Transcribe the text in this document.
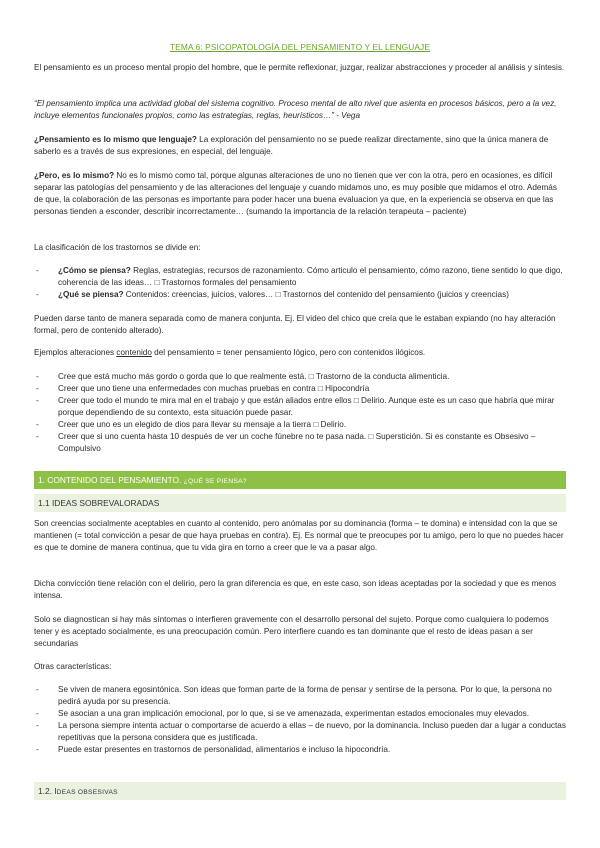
TEMA 6: PSICOPATOLOGÍA DEL PENSAMIENTO Y EL LENGUAJE
El pensamiento es un proceso mental propio del hombre, que le permite reflexionar, juzgar, realizar abstracciones y proceder al análisis y síntesis.
“El pensamiento implica una actividad global del sistema cognitivo. Proceso mental de alto nivel que asienta en procesos básicos, pero a la vez, incluye elementos funcionales propios, como las estrategias, reglas, heurísticos…” - Vega
¿Pensamiento es lo mismo que lenguaje? La exploración del pensamiento no se puede realizar directamente, sino que la única manera de saberlo es a través de sus expresiones, en especial, del lenguaje.
¿Pero, es lo mismo? No es lo mismo como tal, porque algunas alteraciones de uno no tienen que ver con la otra, pero en ocasiones, es difícil separar las patologías del pensamiento y de las alteraciones del lenguaje y cuando midamos uno, es muy posible que midamos el otro. Además de que, la colaboración de las personas es importante para poder hacer una buena evaluacion ya que, en la experiencia se observa en que las personas tienden a esconder, describir incorrectamente… (sumando la importancia de la relación terapeuta – paciente)
La clasificación de los trastornos se divide en:
- ¿Cómo se piensa? Reglas, estrategias, recursos de razonamiento. Cómo articulo el pensamiento, cómo razono, tiene sentido lo que digo, coherencia de las ideas… □ Trastornos formales del pensamiento
- ¿Qué se piensa? Contenidos: creencias, juicios, valores… □ Trastornos del contenido del pensamiento (juicios y creencias)
Pueden darse tanto de manera separada como de manera conjunta. Ej. El video del chico que creía que le estaban expiando (no hay alteración formal, pero de contenido alterado).
Ejemplos alteraciones contenido del pensamiento = tener pensamiento lógico, pero con contenidos ilógicos.
- Cree que está mucho más gordo o gorda que lo que realmente está. □ Trastorno de la conducta alimenticia.
- Creer que uno tiene una enfermedades con muchas pruebas en contra □ Hipocondría
- Creer que todo el mundo te mira mal en el trabajo y que están aliados entre ellos □ Delirio. Aunque este es un caso que habría que mirar porque dependiendo de su contexto, esta situación puede pasar.
- Creer que uno es un elegido de dios para llevar su mensaje a la tierra □ Delirio.
- Creer que si uno cuenta hasta 10 después de ver un coche fúnebre no te pasa nada. □ Superstición. Si es constante es Obsesivo – Compulsivo
1. CONTENIDO DEL PENSAMIENTO. ¿QUÉ SE PIENSA?
1.1 IDEAS SOBREVALORADAS
Son creencias socialmente aceptables en cuanto al contenido, pero anómalas por su dominancia (forma – te domina) e intensidad con la que se mantienen (= total convicción a pesar de que haya pruebas en contra). Ej. Es normal que te preocupes por tu amigo, pero lo que no puedes hacer es que te domine de manera continua, que tu vida gira en torno a creer que le va a pasar algo.
Dicha convicción tiene relación con el delirio, pero la gran diferencia es que, en este caso, son ideas aceptadas por la sociedad y que es menos intensa.
Solo se diagnostican si hay más síntomas o interfieren gravemente con el desarrollo personal del sujeto. Porque como cualquiera lo podemos tener y es aceptado socialmente, es una preocupación común. Pero interfiere cuando es tan dominante que el resto de ideas pasan a ser secundarias
Otras características:
- Se viven de manera egosintónica. Son ideas que forman parte de la forma de pensar y sentirse de la persona. Por lo que, la persona no pedirá ayuda por su presencia.
- Se asocian a una gran implicación emocional, por lo que, si se ve amenazada, experimentan estados emocionales muy elevados.
- La persona siempre intenta actuar o comportarse de acuerdo a ellas – de nuevo, por la dominancia. Incluso pueden dar a lugar a conductas repetitivas que la persona considera que es justificada.
- Puede estar presentes en trastornos de personalidad, alimentarios e incluso la hipocondría.
1.2. IDEAS OBSESIVAS
